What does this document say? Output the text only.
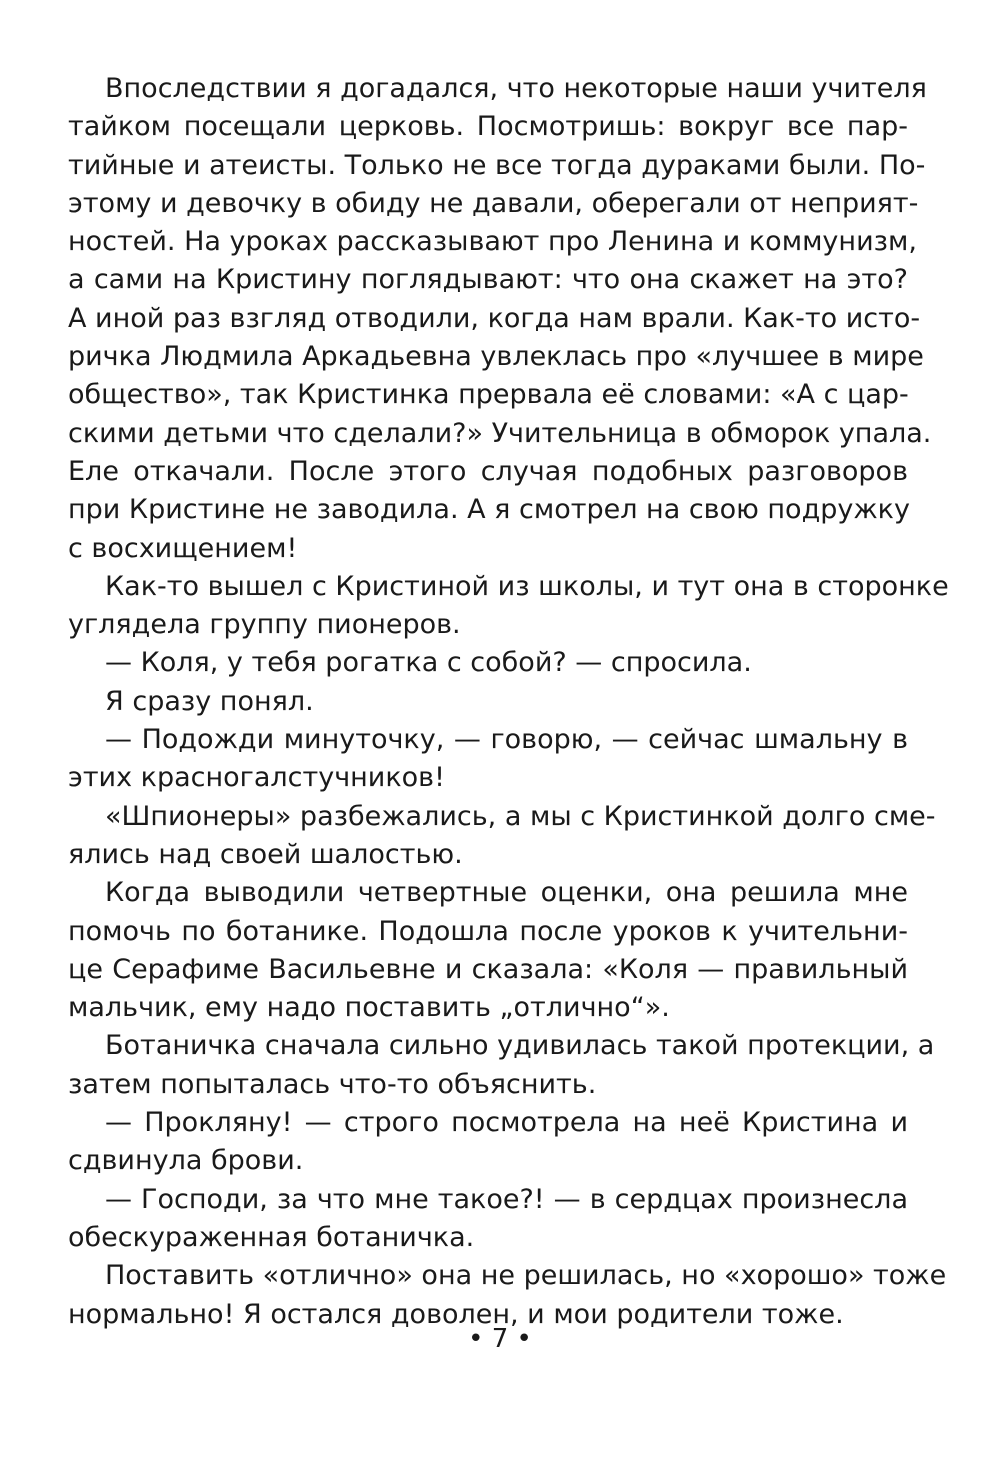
Впоследствии я догадался, что некоторые наши учителя
тайком посещали церковь. Посмотришь: вокруг все пар-
тийные и атеисты. Только не все тогда дураками были. По-
этому и девочку в обиду не давали, оберегали от неприят-
ностей. На уроках рассказывают про Ленина и коммунизм,
а сами на Кристину поглядывают: что она скажет на это?
А иной раз взгляд отводили, когда нам врали. Как-то исто-
ричка Людмила Аркадьевна увлеклась про «лучшее в мире
общество», так Кристинка прервала её словами: «А с цар-
скими детьми что сделали?» Учительница в обморок упала.
Еле откачали. После этого случая подобных разговоров
при Кристине не заводила. А я смотрел на свою подружку
с восхищением!
Как-то вышел с Кристиной из школы, и тут она в сторонке
углядела группу пионеров.
— Коля, у тебя рогатка с собой? — спросила.
Я сразу понял.
— Подожди минуточку, — говорю, — сейчас шмальну в
этих красногалстучников!
«Шпионеры» разбежались, а мы с Кристинкой долго сме-
ялись над своей шалостью.
Когда выводили четвертные оценки, она решила мне
помочь по ботанике. Подошла после уроков к учительни-
це Серафиме Васильевне и сказала: «Коля — правильный
мальчик, ему надо поставить „отлично“».
Ботаничка сначала сильно удивилась такой протекции, а
затем попыталась что-то объяснить.
— Прокляну! — строго посмотрела на неё Кристина и
сдвинула брови.
— Господи, за что мне такое?! — в сердцах произнесла
обескураженная ботаничка.
Поставить «отлично» она не решилась, но «хорошо» тоже
нормально! Я остался доволен, и мои родители тоже.

• 7 •
